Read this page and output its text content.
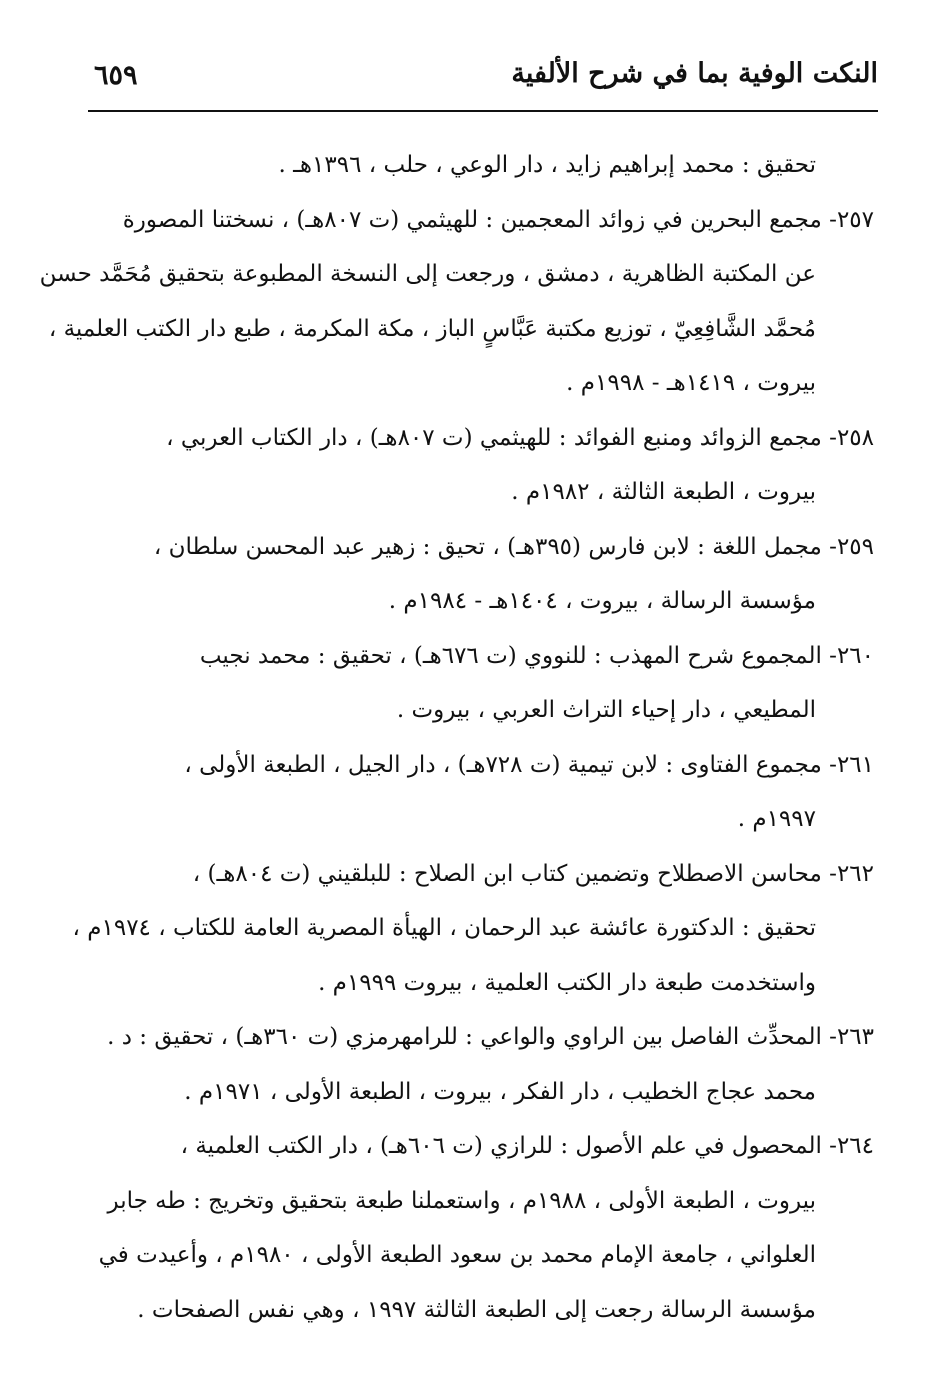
النكت الوفية بما في شرح الألفية
٦٥٩
تحقيق : محمد إبراهيم زايد ، دار الوعي ، حلب ، ١٣٩٦هـ .
٢٥٧- مجمع البحرين في زوائد المعجمين : للهيثمي (ت ٨٠٧هـ) ، نسختنا المصورة
عن المكتبة الظاهرية ، دمشق ، ورجعت إلى النسخة المطبوعة بتحقيق مُحَمَّد حسن
مُحمَّد الشَّافِعِيّ ، توزيع مكتبة عَبَّاسٍ الباز ، مكة المكرمة ، طبع دار الكتب العلمية ،
بيروت ، ١٤١٩هـ - ١٩٩٨م .
٢٥٨- مجمع الزوائد ومنبع الفوائد : للهيثمي (ت ٨٠٧هـ) ، دار الكتاب العربي ،
بيروت ، الطبعة الثالثة ، ١٩٨٢م .
٢٥٩- مجمل اللغة : لابن فارس (٣٩٥هـ) ، تحيق : زهير عبد المحسن سلطان ،
مؤسسة الرسالة ، بيروت ، ١٤٠٤هـ - ١٩٨٤م .
٢٦٠- المجموع شرح المهذب : للنووي (ت ٦٧٦هـ) ، تحقيق : محمد نجيب
المطيعي ، دار إحياء التراث العربي ، بيروت .
٢٦١- مجموع الفتاوى : لابن تيمية (ت ٧٢٨هـ) ، دار الجيل ، الطبعة الأولى ،
١٩٩٧م .
٢٦٢- محاسن الاصطلاح وتضمين كتاب ابن الصلاح : للبلقيني (ت ٨٠٤هـ) ،
تحقيق : الدكتورة عائشة عبد الرحمان ، الهيأة المصرية العامة للكتاب ، ١٩٧٤م ،
واستخدمت طبعة دار الكتب العلمية ، بيروت ١٩٩٩م .
٢٦٣- المحدِّث الفاصل بين الراوي والواعي : للرامهرمزي (ت ٣٦٠هـ) ، تحقيق : د .
محمد عجاج الخطيب ، دار الفكر ، بيروت ، الطبعة الأولى ، ١٩٧١م .
٢٦٤- المحصول في علم الأصول : للرازي (ت ٦٠٦هـ) ، دار الكتب العلمية ،
بيروت ، الطبعة الأولى ، ١٩٨٨م ، واستعملنا طبعة بتحقيق وتخريج : طه جابر
العلواني ، جامعة الإمام محمد بن سعود الطبعة الأولى ، ١٩٨٠م ، وأعيدت في
مؤسسة الرسالة رجعت إلى الطبعة الثالثة ١٩٩٧ ، وهي نفس الصفحات .
